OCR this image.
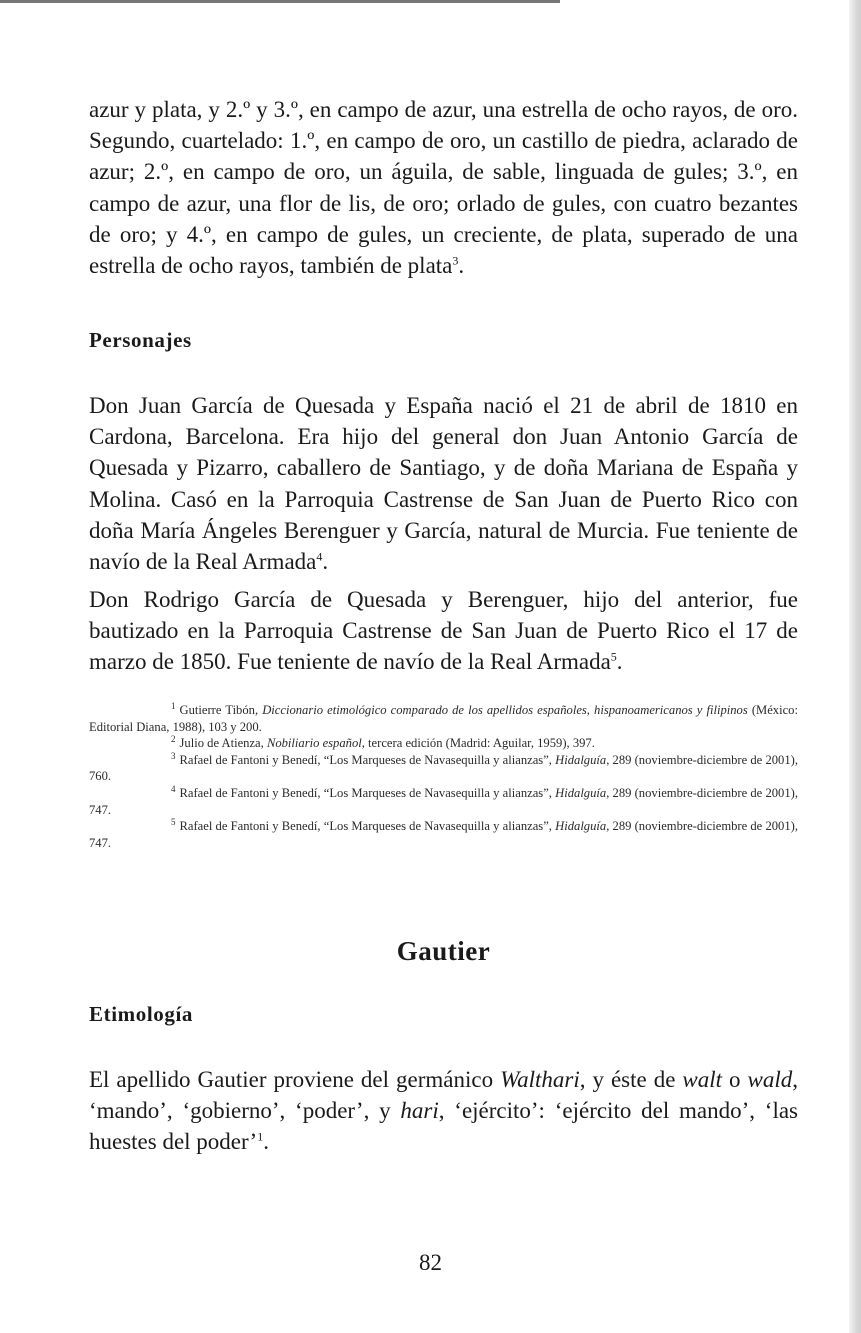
azur y plata, y 2.º y 3.º, en campo de azur, una estrella de ocho rayos, de oro. Segundo, cuartelado: 1.º, en campo de oro, un castillo de piedra, aclarado de azur; 2.º, en campo de oro, un águila, de sable, linguada de gules; 3.º, en campo de azur, una flor de lis, de oro; orlado de gules, con cuatro bezantes de oro; y 4.º, en campo de gules, un creciente, de plata, superado de una estrella de ocho rayos, también de plata$^3$.

Personajes

Don Juan García de Quesada y España nació el 21 de abril de 1810 en Cardona, Barcelona. Era hijo del general don Juan Antonio García de Quesada y Pizarro, caballero de Santiago, y de doña Mariana de España y Molina. Casó en la Parroquia Castrense de San Juan de Puerto Rico con doña María Ángeles Berenguer y García, natural de Murcia. Fue teniente de navío de la Real Armada$^4$.

Don Rodrigo García de Quesada y Berenguer, hijo del anterior, fue bautizado en la Parroquia Castrense de San Juan de Puerto Rico el 17 de marzo de 1850. Fue teniente de navío de la Real Armada$^5$.

$^1$ Gutierre Tibón, Diccionario etimológico comparado de los apellidos españoles, hispanoamericanos y filipinos (México: Editorial Diana, 1988), 103 y 200.

$^2$ Julio de Atienza, Nobiliario español, tercera edición (Madrid: Aguilar, 1959), 397.

$^3$ Rafael de Fantoni y Benedí, “Los Marqueses de Navasequilla y alianzas”, Hidalguía, 289 (noviembre-diciembre de 2001), 760.

$^4$ Rafael de Fantoni y Benedí, “Los Marqueses de Navasequilla y alianzas”, Hidalguía, 289 (noviembre-diciembre de 2001), 747.

$^5$ Rafael de Fantoni y Benedí, “Los Marqueses de Navasequilla y alianzas”, Hidalguía, 289 (noviembre-diciembre de 2001), 747.

Gautier
Etimología

El apellido Gautier proviene del germánico Walthari, y éste de walt o wald, ‘mando’, ‘gobierno’, ‘poder’, y hari, ‘ejército’: ‘ejército del mando’, ‘las huestes del poder’$^1$.

82
